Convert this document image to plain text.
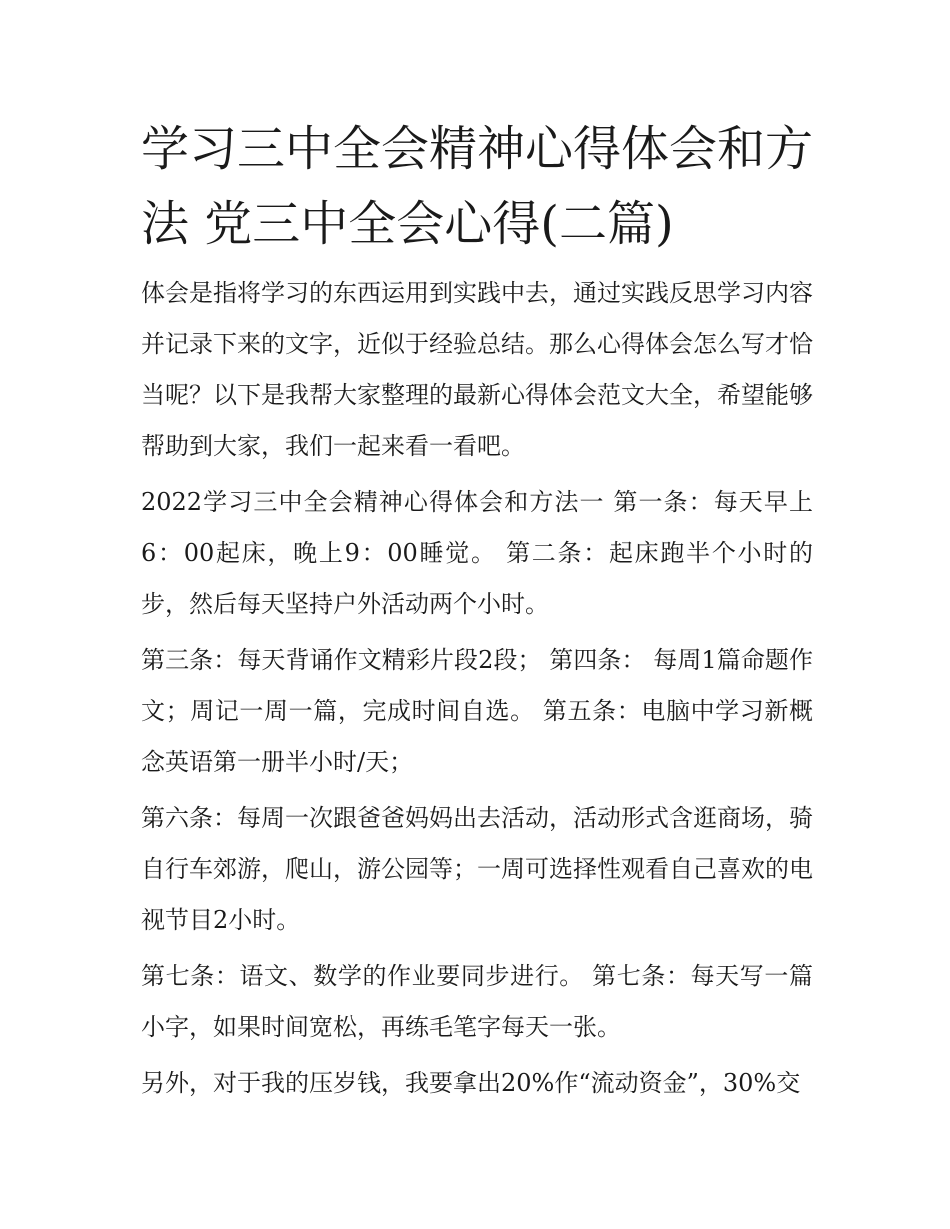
学习三中全会精神心得体会和方法 党三中全会心得(二篇)

体会是指将学习的东西运用到实践中去，通过实践反思学习内容并记录下来的文字，近似于经验总结。那么心得体会怎么写才恰当呢？以下是我帮大家整理的最新心得体会范文大全，希望能够帮助到大家，我们一起来看一看吧。

2022学习三中全会精神心得体会和方法一 第一条：每天早上6：00起床，晚上9：00睡觉。 第二条：起床跑半个小时的步，然后每天坚持户外活动两个小时。

第三条：每天背诵作文精彩片段2段； 第四条： 每周1篇命题作文；周记一周一篇，完成时间自选。 第五条：电脑中学习新概念英语第一册半小时/天；

第六条：每周一次跟爸爸妈妈出去活动，活动形式含逛商场，骑自行车郊游，爬山，游公园等；一周可选择性观看自己喜欢的电视节目2小时。

第七条：语文、数学的作业要同步进行。 第七条：每天写一篇小字，如果时间宽松，再练毛笔字每天一张。

另外，对于我的压岁钱，我要拿出20%作“流动资金”，30%交
